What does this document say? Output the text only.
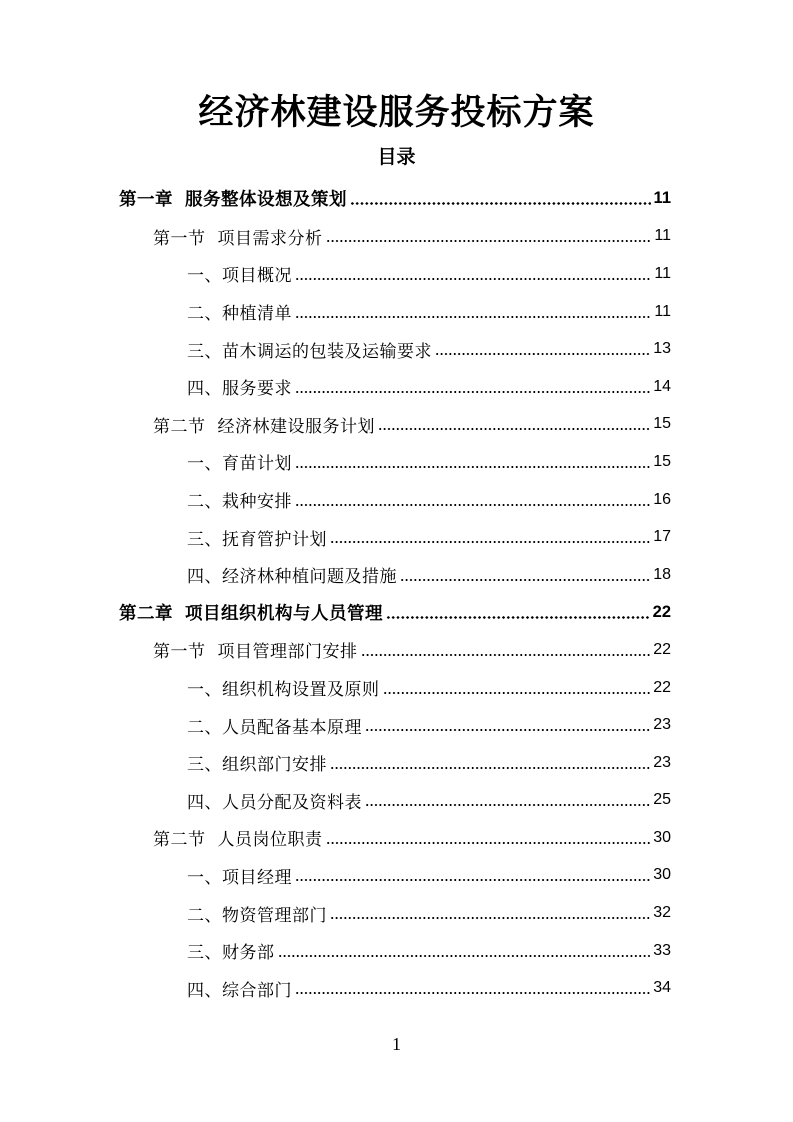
经济林建设服务投标方案
目录
第一章 服务整体设想及策划	11
第一节 项目需求分析	11
一、项目概况	11
二、种植清单	11
三、苗木调运的包装及运输要求	13
四、服务要求	14
第二节 经济林建设服务计划	15
一、育苗计划	15
二、栽种安排	16
三、抚育管护计划	17
四、经济林种植问题及措施	18
第二章 项目组织机构与人员管理	22
第一节 项目管理部门安排	22
一、组织机构设置及原则	22
二、人员配备基本原理	23
三、组织部门安排	23
四、人员分配及资料表	25
第二节 人员岗位职责	30
一、项目经理	30
二、物资管理部门	32
三、财务部	33
四、综合部门	34
1
